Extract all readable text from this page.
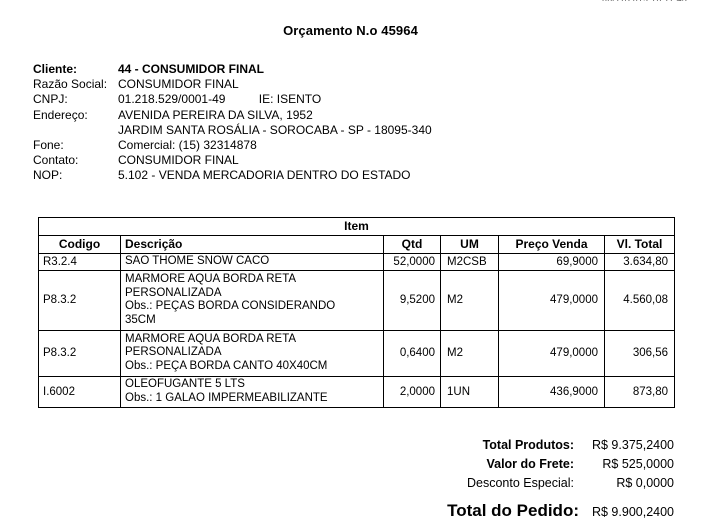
Orçamento N.o 45964
Cliente:	44 - CONSUMIDOR FINAL
Razão Social: CONSUMIDOR FINAL
CNPJ:	01.218.529/0001-49	IE: ISENTO
Endereço:	AVENIDA PEREIRA DA SILVA, 1952
JARDIM SANTA ROSÁLIA - SOROCABA - SP - 18095-340
Fone:	Comercial: (15) 32314878
Contato:	CONSUMIDOR FINAL
NOP:	5.102 - VENDA MERCADORIA DENTRO DO ESTADO
Item					
Codigo	Descrição	Qtd	UM	Preço Venda	Vl. Total
R3.2.4	SAO THOME SNOW CACO	52,0000	M2CSB	69,9000	3.634,80
P8.3.2	MARMORE AQUA BORDA RETA
PERSONALIZADA
Obs.: PEÇAS BORDA CONSIDERANDO
35CM	9,5200	M2	479,0000	4.560,08
P8.3.2	MARMORE AQUA BORDA RETA
PERSONALIZADA
Obs.: PEÇA BORDA CANTO 40X40CM	0,6400	M2	479,0000	306,56
I.6002	OLEOFUGANTE 5 LTS
Obs.: 1 GALAO IMPERMEABILIZANTE	2,0000	1UN	436,9000	873,80
Total Produtos:	R$ 9.375,2400
Valor do Frete:	R$ 525,0000
Desconto Especial:	R$ 0,0000
Total do Pedido:	R$ 9.900,2400
